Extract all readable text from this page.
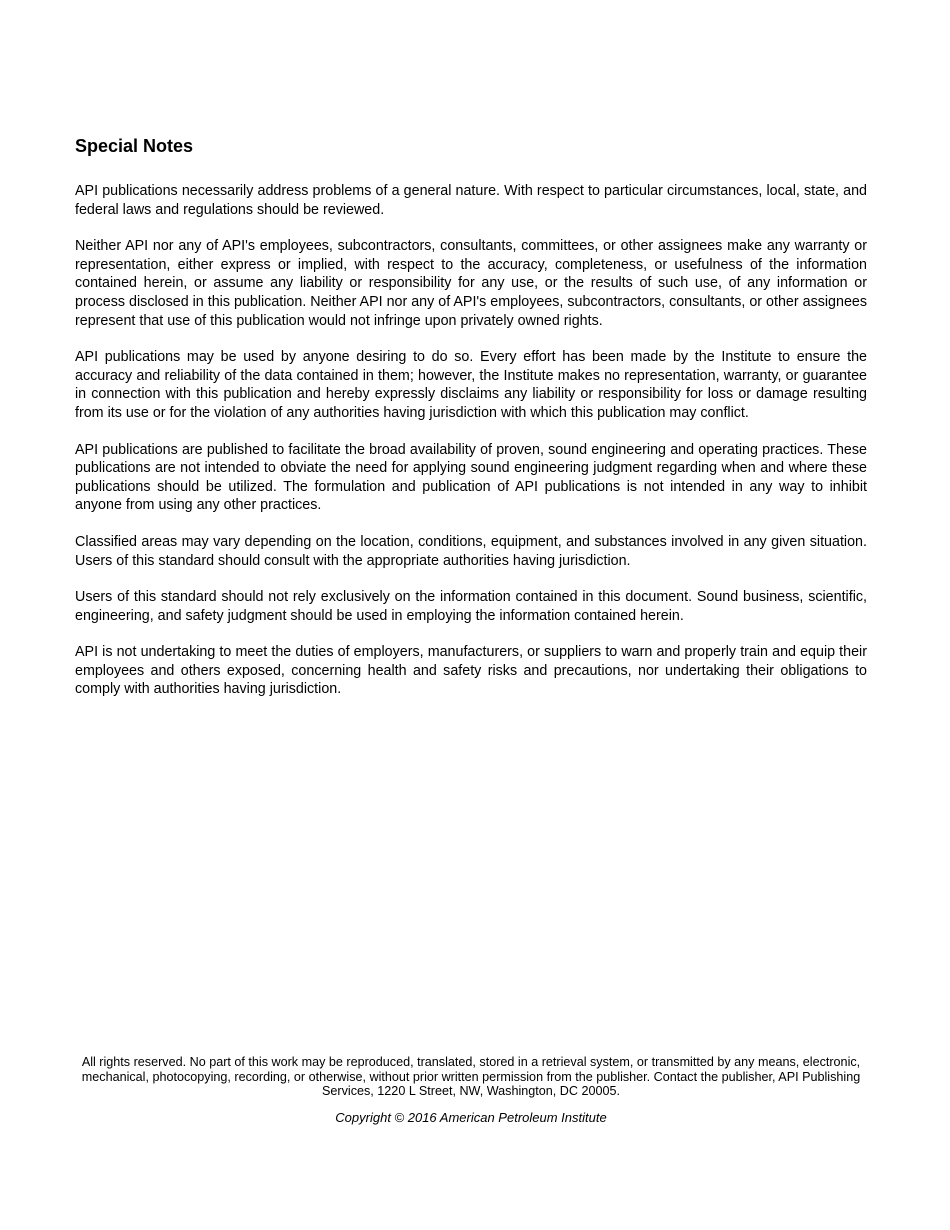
Special Notes

API publications necessarily address problems of a general nature. With respect to particular circumstances, local, state, and federal laws and regulations should be reviewed.

Neither API nor any of API's employees, subcontractors, consultants, committees, or other assignees make any warranty or representation, either express or implied, with respect to the accuracy, completeness, or usefulness of the information contained herein, or assume any liability or responsibility for any use, or the results of such use, of any information or process disclosed in this publication. Neither API nor any of API's employees, subcontractors, consultants, or other assignees represent that use of this publication would not infringe upon privately owned rights.

API publications may be used by anyone desiring to do so. Every effort has been made by the Institute to ensure the accuracy and reliability of the data contained in them; however, the Institute makes no representation, warranty, or guarantee in connection with this publication and hereby expressly disclaims any liability or responsibility for loss or damage resulting from its use or for the violation of any authorities having jurisdiction with which this publication may conflict.

API publications are published to facilitate the broad availability of proven, sound engineering and operating practices. These publications are not intended to obviate the need for applying sound engineering judgment regarding when and where these publications should be utilized. The formulation and publication of API publications is not intended in any way to inhibit anyone from using any other practices.

Classified areas may vary depending on the location, conditions, equipment, and substances involved in any given situation. Users of this standard should consult with the appropriate authorities having jurisdiction.

Users of this standard should not rely exclusively on the information contained in this document. Sound business, scientific, engineering, and safety judgment should be used in employing the information contained herein.

API is not undertaking to meet the duties of employers, manufacturers, or suppliers to warn and properly train and equip their employees and others exposed, concerning health and safety risks and precautions, nor undertaking their obligations to comply with authorities having jurisdiction.

All rights reserved. No part of this work may be reproduced, translated, stored in a retrieval system, or transmitted by any means, electronic, mechanical, photocopying, recording, or otherwise, without prior written permission from the publisher. Contact the publisher, API Publishing Services, 1220 L Street, NW, Washington, DC 20005.

Copyright © 2016 American Petroleum Institute
